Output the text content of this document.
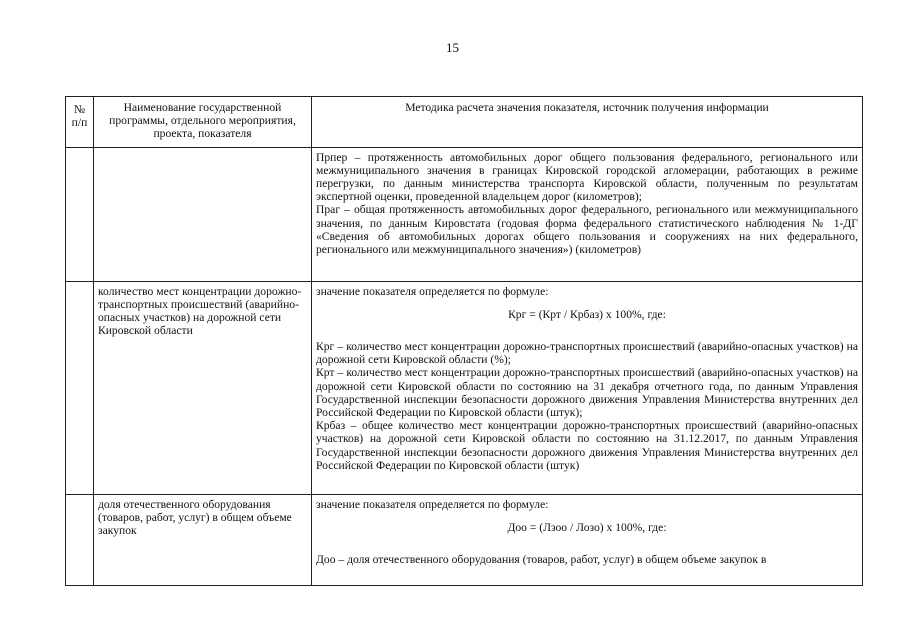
15
№ п/п	Наименование государственной программы, отдельного мероприятия, проекта, показателя	Методика расчета значения показателя, источник получения информации

		Пpпер – протяженность автомобильных дорог общего пользования федерального, регионального или межмуниципального значения в границах Кировской городской агломерации, работающих в режиме перегрузки, по данным министерства транспорта Кировской области, полученным по результатам экспертной оценки, проведенной владельцем дорог (километров);
Праг – общая протяженность автомобильных дорог федерального, регионального или межмуниципального значения, по данным Кировстата (годовая форма федерального статистического наблюдения № 1-ДГ «Сведения об автомобильных дорогах общего пользования и сооружениях на них федерального, регионального или межмуниципального значения») (километров)

	количество мест концентрации дорожно-транспортных происшествий (аварийно-опасных участков) на дорожной сети Кировской области	значение показателя определяется по формуле:
Кpг = (Крт / Крбаз) х 100%, где:
Кpг – количество мест концентрации дорожно-транспортных происшествий (аварийно-опасных участков) на дорожной сети Кировской области (%);
Крт – количество мест концентрации дорожно-транспортных происшествий (аварийно-опасных участков) на дорожной сети Кировской области по состоянию на 31 декабря отчетного года, по данным Управления Государственной инспекции безопасности дорожного движения Управления Министерства внутренних дел Российской Федерации по Кировской области (штук);
Крбаз – общее количество мест концентрации дорожно-транспортных происшествий (аварийно-опасных участков) на дорожной сети Кировской области по состоянию на 31.12.2017, по данным Управления Государственной инспекции безопасности дорожного движения Управления Министерства внутренних дел Российской Федерации по Кировской области (штук)

	доля отечественного оборудования (товаров, работ, услуг) в общем объеме закупок	значение показателя определяется по формуле:
Доо = (Лзоо / Лозо) х 100%, где:
Доо – доля отечественного оборудования (товаров, работ, услуг) в общем объеме закупок в
